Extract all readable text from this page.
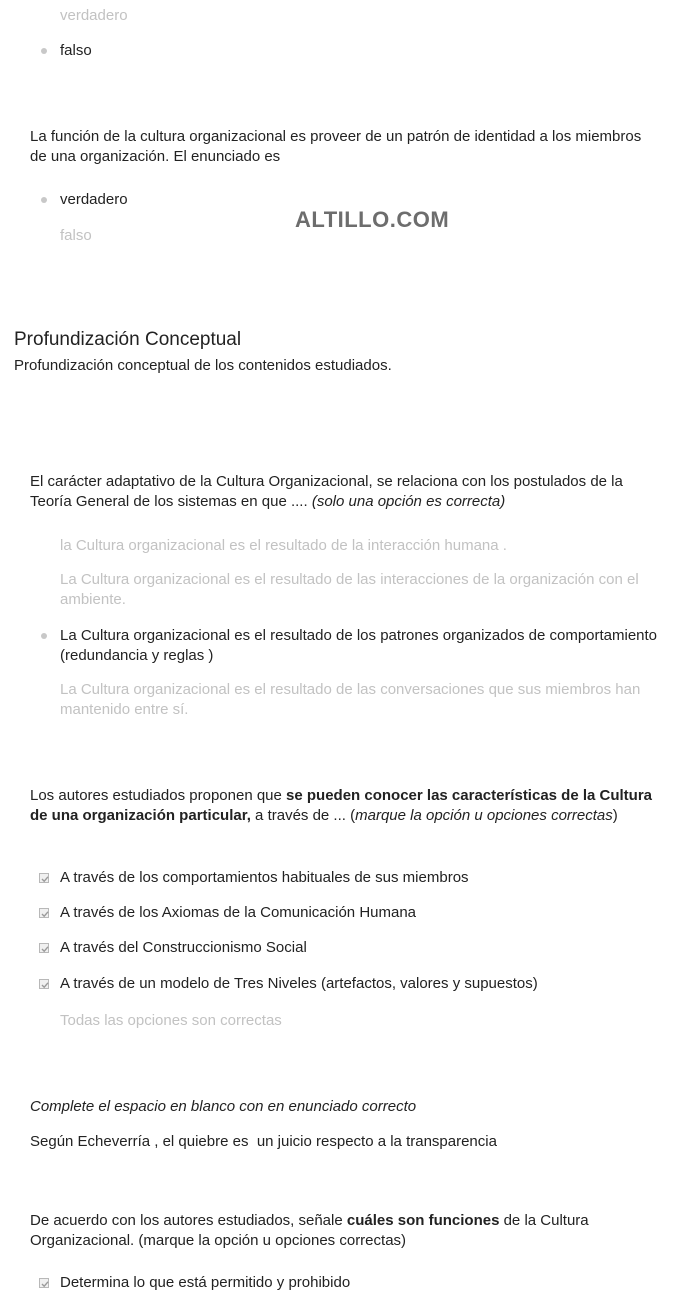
verdadero
falso
La función de la cultura organizacional es proveer de un patrón de identidad a los miembros de una organización. El enunciado es
verdadero
falso
ALTILLO.COM
Profundización Conceptual
Profundización conceptual de los contenidos estudiados.
El carácter adaptativo de la Cultura Organizacional, se relaciona con los postulados de la Teoría General de los sistemas en que .... (solo una opción es correcta)
la Cultura organizacional es el resultado de la interacción humana .
La Cultura organizacional es el resultado de las interacciones de la organización con el ambiente.
La Cultura organizacional es el resultado de los patrones organizados de comportamiento (redundancia y reglas )
La Cultura organizacional es el resultado de las conversaciones que sus miembros han mantenido entre sí.
Los autores estudiados proponen que se pueden conocer las características de la Cultura de una organización particular, a través de ... (marque la opción u opciones correctas)
A través de los comportamientos habituales de sus miembros
A través de los Axiomas de la Comunicación Humana
A través del Construccionismo Social
A través de un modelo de Tres Niveles (artefactos, valores y supuestos)
Todas las opciones son correctas
Complete el espacio en blanco con en enunciado correcto
Según Echeverría , el quiebre es un juicio respecto a la transparencia
De acuerdo con los autores estudiados, señale cuáles son funciones de la Cultura Organizacional. (marque la opción u opciones correctas)
Determina lo que está permitido y prohibido
